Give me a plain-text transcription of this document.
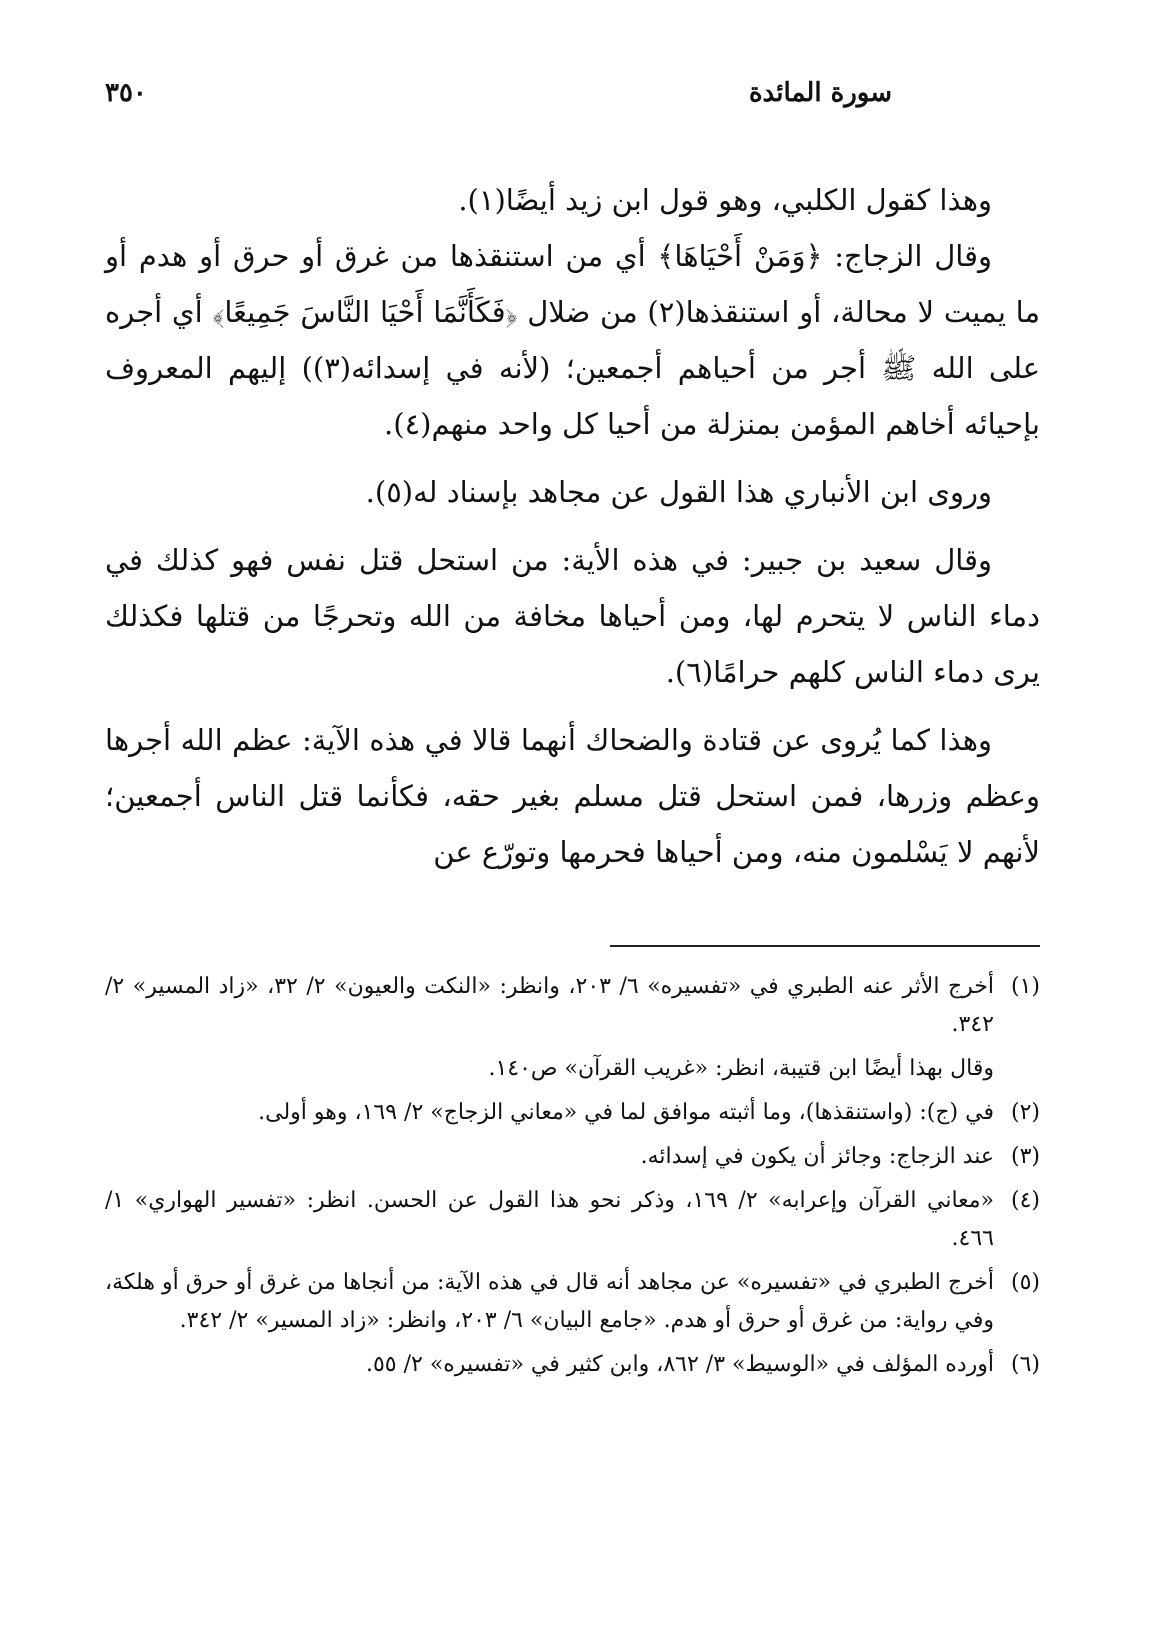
سورة المائدة
٣٥٠

وهذا كقول الكلبي، وهو قول ابن زيد أيضًا(١).

وقال الزجاج: ﴿وَمَنْ أَحْيَاهَا﴾ أي من استنقذها من غرق أو حرق أو هدم أو ما يميت لا محالة، أو استنقذها(٢) من ضلال ﴿فَكَأَنَّمَا أَحْيَا النَّاسَ جَمِيعًا﴾ أي أجره على الله ﷺ أجر من أحياهم أجمعين؛ (لأنه في إسدائه(٣)) إليهم المعروف بإحيائه أخاهم المؤمن بمنزلة من أحيا كل واحد منهم(٤).

وروى ابن الأنباري هذا القول عن مجاهد بإسناد له(٥).

وقال سعيد بن جبير: في هذه الأية: من استحل قتل نفس فهو كذلك في دماء الناس لا يتحرم لها، ومن أحياها مخافة من الله وتحرجًا من قتلها فكذلك يرى دماء الناس كلهم حرامًا(٦).

وهذا كما يُروى عن قتادة والضحاك أنهما قالا في هذه الآية: عظم الله أجرها وعظم وزرها، فمن استحل قتل مسلم بغير حقه، فكأنما قتل الناس أجمعين؛ لأنهم لا يَسْلمون منه، ومن أحياها فحرمها وتورّع عن

(١)
أخرج الأثر عنه الطبري في «تفسيره» ٦/ ٢٠٣، وانظر: «النكت والعيون» ٢/ ٣٢، «زاد المسير» ٢/ ٣٤٢.
وقال بهذا أيضًا ابن قتيبة، انظر: «غريب القرآن» ص١٤٠.
(٢)
في (ج): (واستنقذها)، وما أثبته موافق لما في «معاني الزجاج» ٢/ ١٦٩، وهو أولى.
(٣)
عند الزجاج: وجائز أن يكون في إسدائه.
(٤)
«معاني القرآن وإعرابه» ٢/ ١٦٩، وذكر نحو هذا القول عن الحسن. انظر: «تفسير الهواري» ١/ ٤٦٦.
(٥)
أخرج الطبري في «تفسيره» عن مجاهد أنه قال في هذه الآية: من أنجاها من غرق أو حرق أو هلكة، وفي رواية: من غرق أو حرق أو هدم. «جامع البيان» ٦/ ٢٠٣، وانظر: «زاد المسير» ٢/ ٣٤٢.
(٦)
أورده المؤلف في «الوسيط» ٣/ ٨٦٢، وابن كثير في «تفسيره» ٢/ ٥٥.
